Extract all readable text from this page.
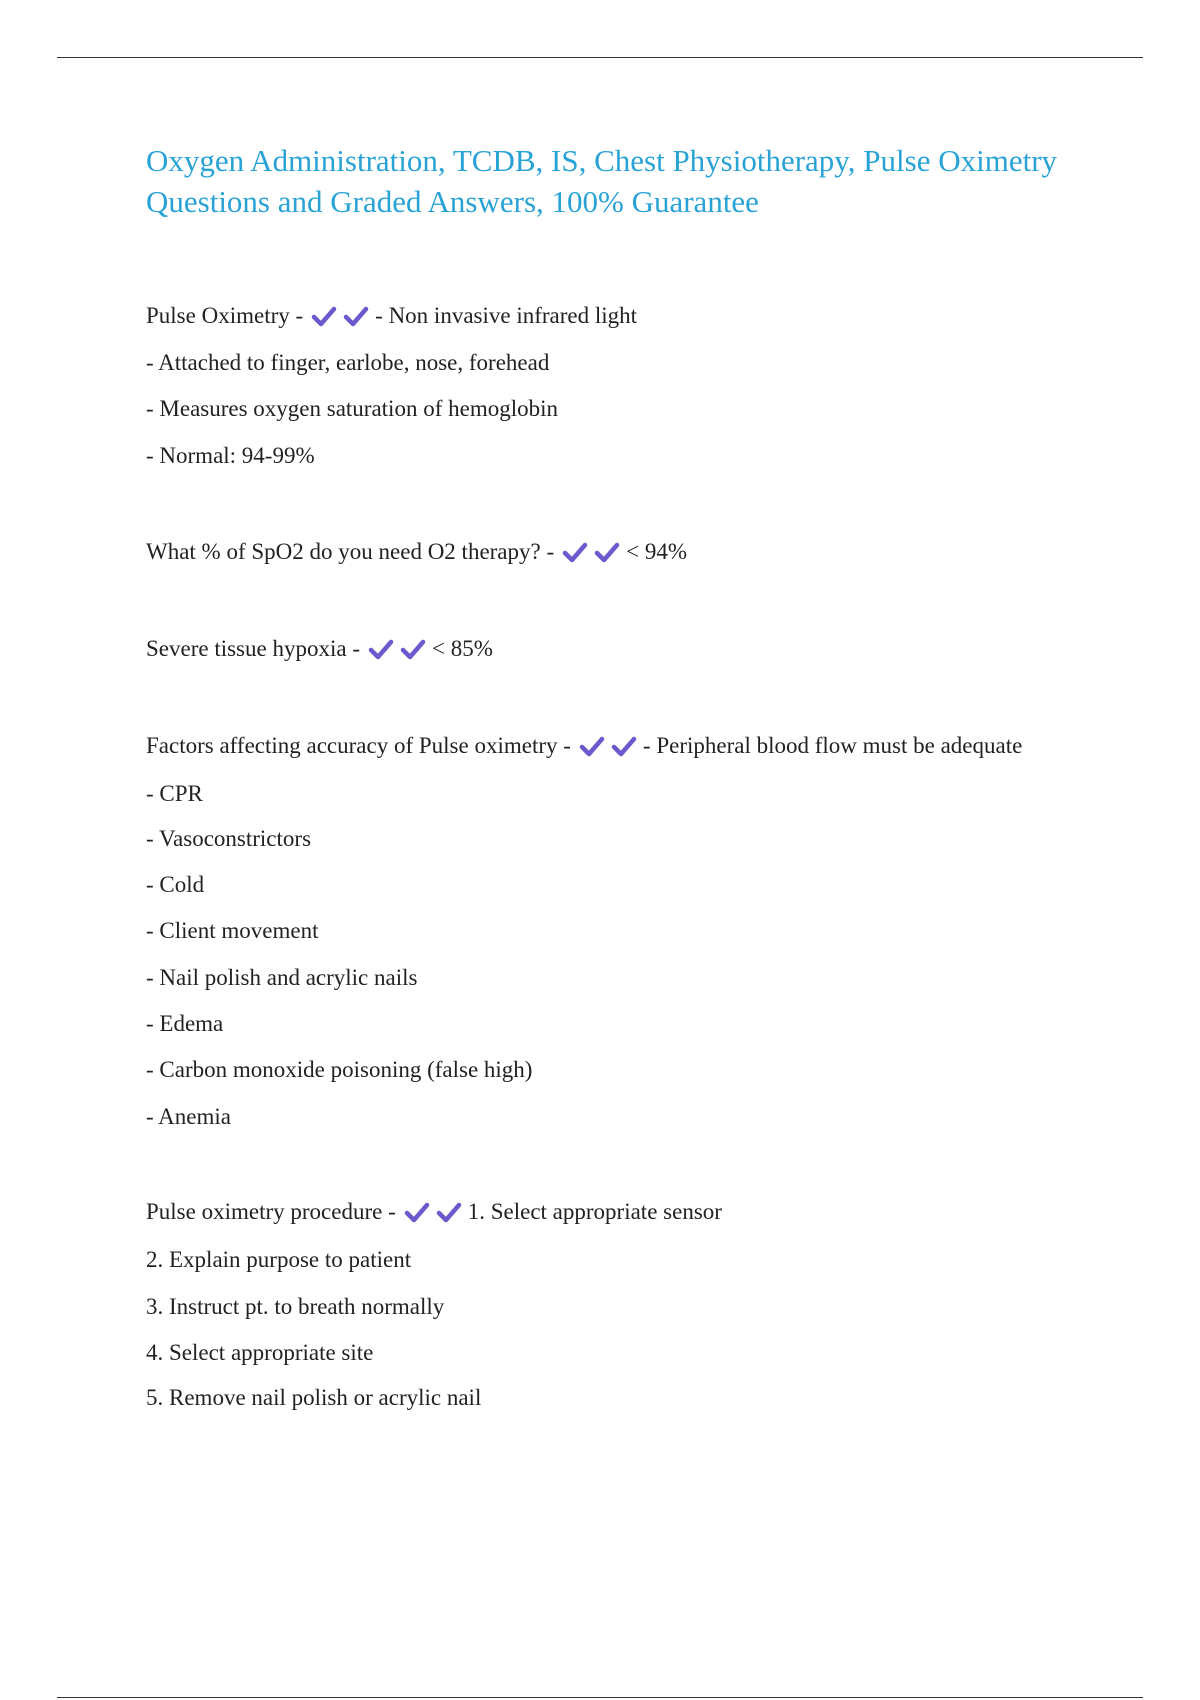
Oxygen Administration, TCDB, IS, Chest Physiotherapy, Pulse Oximetry Questions and Graded Answers, 100% Guarantee
Pulse Oximetry -	- Non invasive infrared light
- Attached to finger, earlobe, nose, forehead
- Measures oxygen saturation of hemoglobin
- Normal: 94-99%
What % of SpO2 do you need O2 therapy? -	< 94%
Severe tissue hypoxia -	< 85%
Factors affecting accuracy of Pulse oximetry -	- Peripheral blood flow must be adequate
- CPR
- Vasoconstrictors
- Cold
- Client movement
- Nail polish and acrylic nails
- Edema
- Carbon monoxide poisoning (false high)
- Anemia
Pulse oximetry procedure -	1. Select appropriate sensor
2. Explain purpose to patient
3. Instruct pt. to breath normally
4. Select appropriate site
5. Remove nail polish or acrylic nail
